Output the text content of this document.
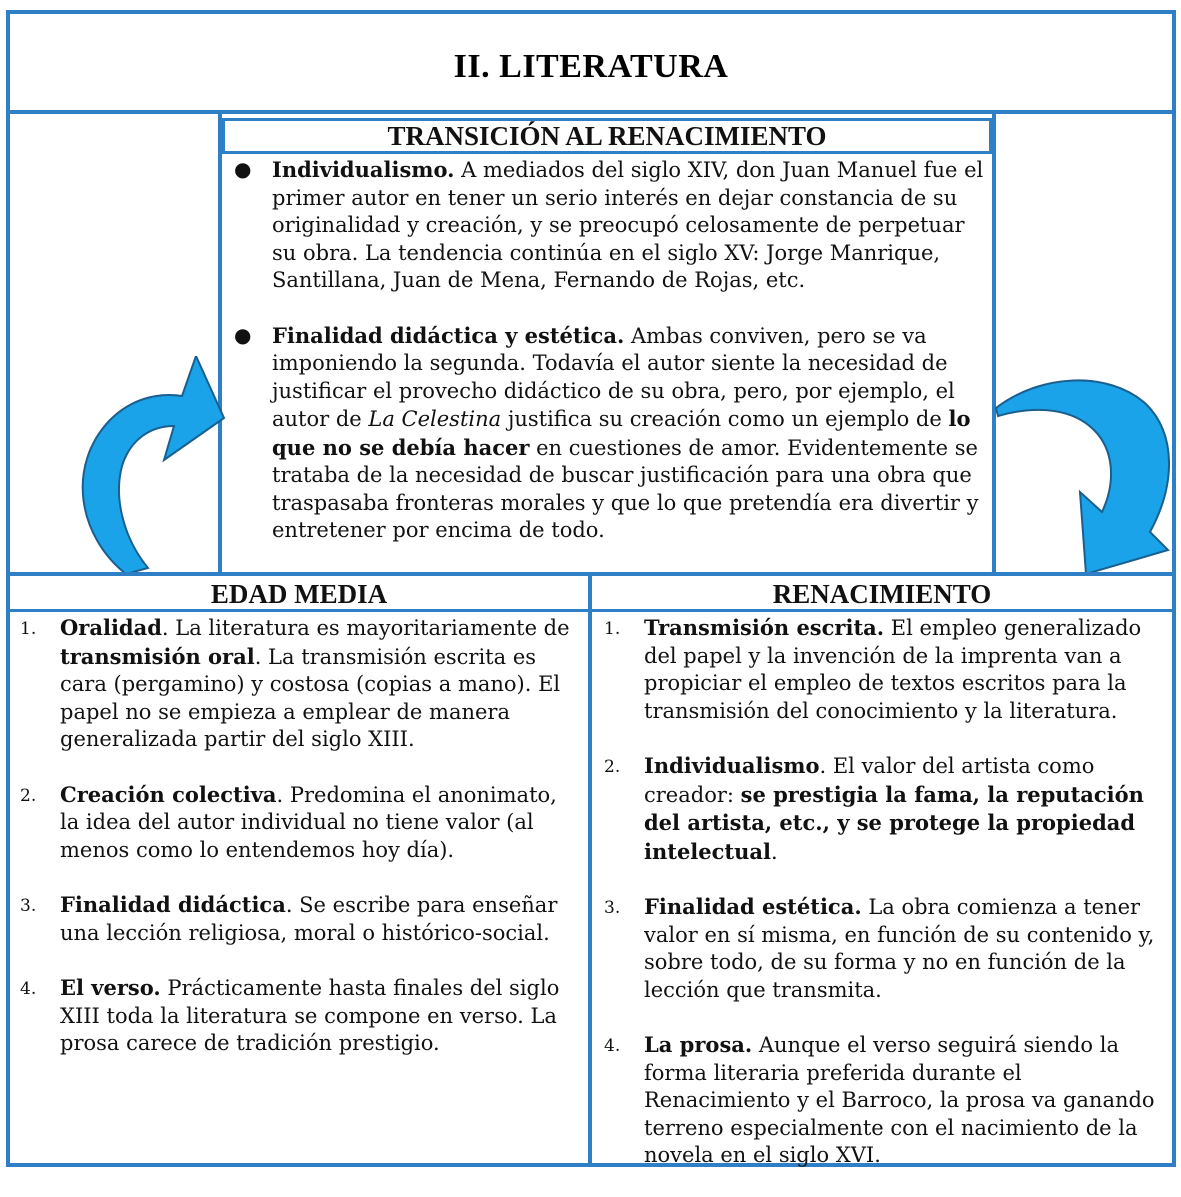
II. LITERATURA
TRANSICIÓN AL RENACIMIENTO
● Individualismo. A mediados del siglo XIV, don Juan Manuel fue el primer autor en tener un serio interés en dejar constancia de su originalidad y creación, y se preocupó celosamente de perpetuar su obra. La tendencia continúa en el siglo XV: Jorge Manrique, Santillana, Juan de Mena, Fernando de Rojas, etc.
● Finalidad didáctica y estética. Ambas conviven, pero se va imponiendo la segunda. Todavía el autor siente la necesidad de justificar el provecho didáctico de su obra, pero, por ejemplo, el autor de La Celestina justifica su creación como un ejemplo de lo que no se debía hacer en cuestiones de amor. Evidentemente se trataba de la necesidad de buscar justificación para una obra que traspasaba fronteras morales y que lo que pretendía era divertir y entretener por encima de todo.
EDAD MEDIA	RENACIMIENTO
1. Oralidad. La literatura es mayoritariamente de transmisión oral. La transmisión escrita es cara (pergamino) y costosa (copias a mano). El papel no se empieza a emplear de manera generalizada partir del siglo XIII.
2. Creación colectiva. Predomina el anonimato, la idea del autor individual no tiene valor (al menos como lo entendemos hoy día).
3. Finalidad didáctica. Se escribe para enseñar una lección religiosa, moral o histórico-social.
4. El verso. Prácticamente hasta finales del siglo XIII toda la literatura se compone en verso. La prosa carece de tradición prestigio.
1. Transmisión escrita. El empleo generalizado del papel y la invención de la imprenta van a propiciar el empleo de textos escritos para la transmisión del conocimiento y la literatura.
2. Individualismo. El valor del artista como creador: se prestigia la fama, la reputación del artista, etc., y se protege la propiedad intelectual.
3. Finalidad estética. La obra comienza a tener valor en sí misma, en función de su contenido y, sobre todo, de su forma y no en función de la lección que transmita.
4. La prosa. Aunque el verso seguirá siendo la forma literaria preferida durante el Renacimiento y el Barroco, la prosa va ganando terreno especialmente con el nacimiento de la novela en el siglo XVI.
